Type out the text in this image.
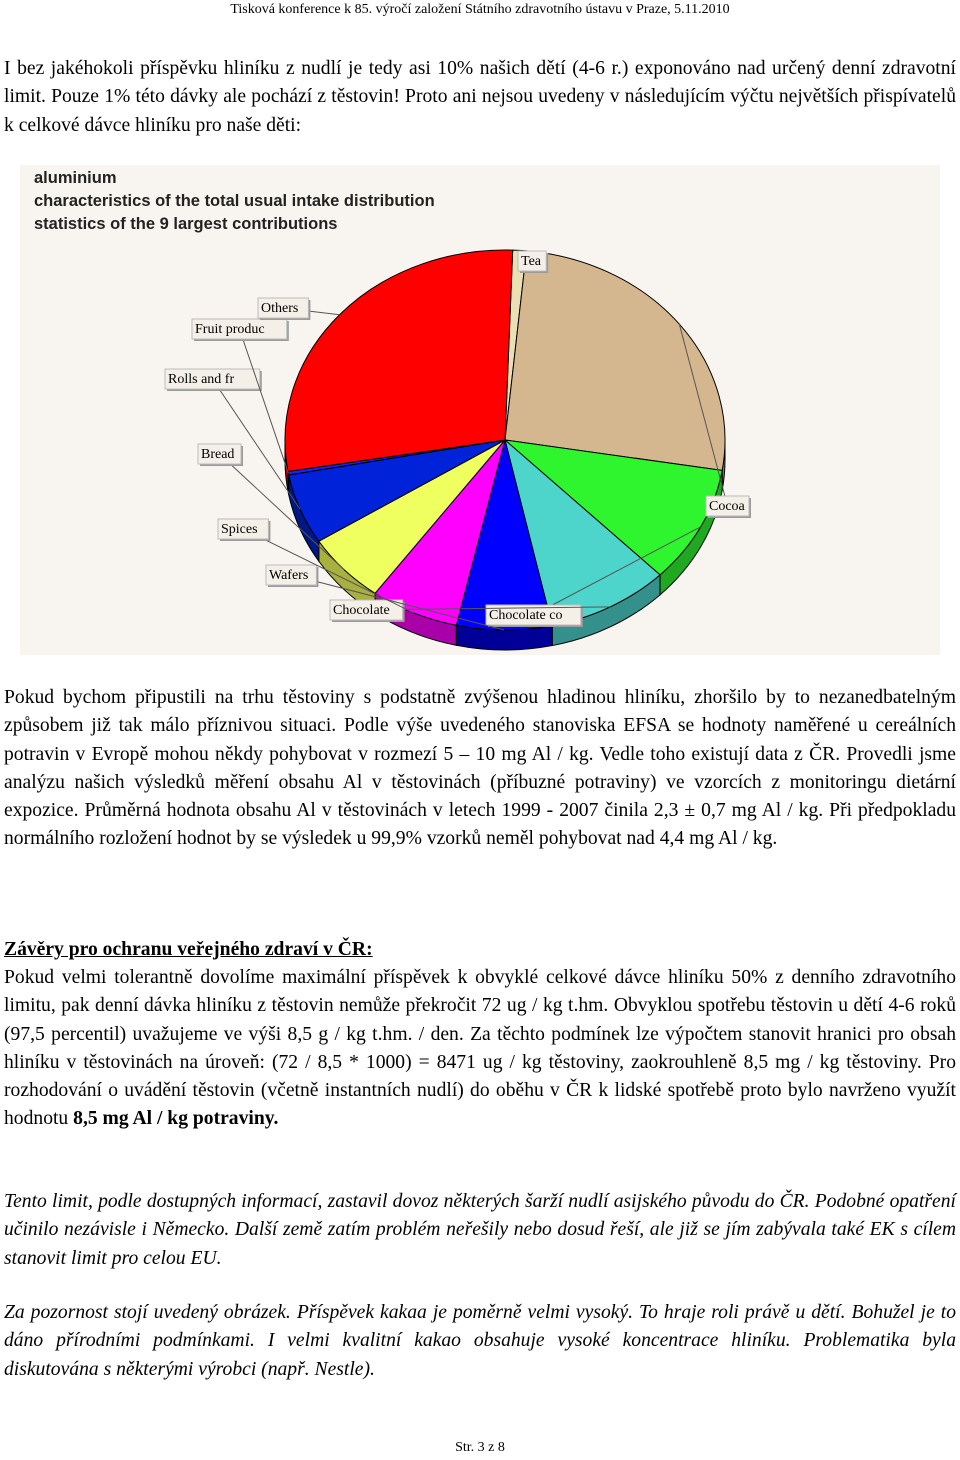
Tisková konference k 85. výročí založení Státního zdravotního ústavu v Praze, 5.11.2010

I bez jakéhokoli příspěvku hliníku z nudlí je tedy asi 10% našich dětí (4-6 r.) exponováno nad určený denní zdravotní limit. Pouze 1% této dávky ale pochází z těstovin! Proto ani nejsou uvedeny v následujícím výčtu největších přispívatelů k celkové dávce hliníku pro naše děti:

aluminium
characteristics of the total usual intake distribution
statistics of the 9 largest contributions
Tea
Cocoa
Chocolate co
Chocolate
Wafers
Spices
Bread
Rolls and fr
Fruit produc
Others

Pokud bychom připustili na trhu těstoviny s podstatně zvýšenou hladinou hliníku, zhoršilo by to nezanedbatelným způsobem již tak málo příznivou situaci. Podle výše uvedeného stanoviska EFSA se hodnoty naměřené u cereálních potravin v Evropě mohou někdy pohybovat v rozmezí 5 – 10 mg Al / kg. Vedle toho existují data z ČR. Provedli jsme analýzu našich výsledků měření obsahu Al v těstovinách (příbuzné potraviny) ve vzorcích z monitoringu dietární expozice. Průměrná hodnota obsahu Al v těstovinách v letech 1999 - 2007 činila 2,3 ± 0,7 mg Al / kg. Při předpokladu normálního rozložení hodnot by se výsledek u 99,9% vzorků neměl pohybovat nad 4,4 mg Al / kg.

Závěry pro ochranu veřejného zdraví v ČR:

Pokud velmi tolerantně dovolíme maximální příspěvek k obvyklé celkové dávce hliníku 50% z denního zdravotního limitu, pak denní dávka hliníku z těstovin nemůže překročit 72 ug / kg t.hm. Obvyklou spotřebu těstovin u dětí 4-6 roků (97,5 percentil) uvažujeme ve výši 8,5 g / kg t.hm. / den. Za těchto podmínek lze výpočtem stanovit hranici pro obsah hliníku v těstovinách na úroveň: (72 / 8,5 * 1000) = 8471 ug / kg těstoviny, zaokrouhleně 8,5 mg / kg těstoviny. Pro rozhodování o uvádění těstovin (včetně instantních nudlí) do oběhu v ČR k lidské spotřebě proto bylo navrženo využít hodnotu 8,5 mg Al / kg potraviny.

Tento limit, podle dostupných informací, zastavil dovoz některých šarží nudlí asijského původu do ČR. Podobné opatření učinilo nezávisle i Německo. Další země zatím problém neřešily nebo dosud řeší, ale již se jím zabývala také EK s cílem stanovit limit pro celou EU.

Za pozornost stojí uvedený obrázek. Příspěvek kakaa je poměrně velmi vysoký. To hraje roli právě u dětí. Bohužel je to dáno přírodními podmínkami. I velmi kvalitní kakao obsahuje vysoké koncentrace hliníku. Problematika byla diskutována s některými výrobci (např. Nestle).

Str. 3 z 8
